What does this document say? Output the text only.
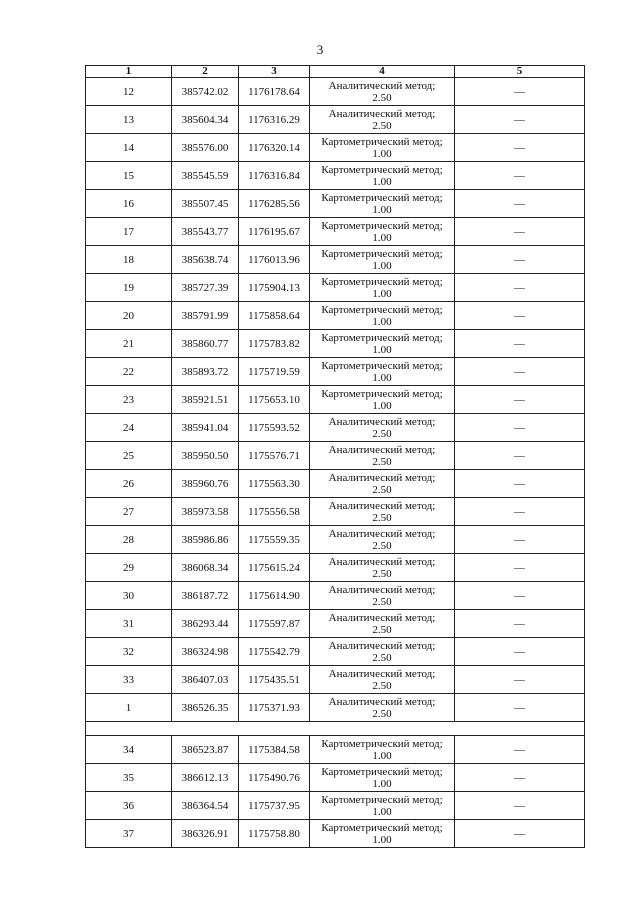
3
1	2	3	4	5
12	385742.02	1176178.64	Аналитический метод;
2.50	—
13	385604.34	1176316.29	Аналитический метод;
2.50	—
14	385576.00	1176320.14	Картометрический метод;
1.00	—
15	385545.59	1176316.84	Картометрический метод;
1.00	—
16	385507.45	1176285.56	Картометрический метод;
1.00	—
17	385543.77	1176195.67	Картометрический метод;
1.00	—
18	385638.74	1176013.96	Картометрический метод;
1.00	—
19	385727.39	1175904.13	Картометрический метод;
1.00	—
20	385791.99	1175858.64	Картометрический метод;
1.00	—
21	385860.77	1175783.82	Картометрический метод;
1.00	—
22	385893.72	1175719.59	Картометрический метод;
1.00	—
23	385921.51	1175653.10	Картометрический метод;
1.00	—
24	385941.04	1175593.52	Аналитический метод;
2.50	—
25	385950.50	1175576.71	Аналитический метод;
2.50	—
26	385960.76	1175563.30	Аналитический метод;
2.50	—
27	385973.58	1175556.58	Аналитический метод;
2.50	—
28	385986.86	1175559.35	Аналитический метод;
2.50	—
29	386068.34	1175615.24	Аналитический метод;
2.50	—
30	386187.72	1175614.90	Аналитический метод;
2.50	—
31	386293.44	1175597.87	Аналитический метод;
2.50	—
32	386324.98	1175542.79	Аналитический метод;
2.50	—
33	386407.03	1175435.51	Аналитический метод;
2.50	—
1	386526.35	1175371.93	Аналитический метод;
2.50	—

34	386523.87	1175384.58	Картометрический метод;
1.00	—
35	386612.13	1175490.76	Картометрический метод;
1.00	—
36	386364.54	1175737.95	Картометрический метод;
1.00	—
37	386326.91	1175758.80	Картометрический метод;
1.00	—
